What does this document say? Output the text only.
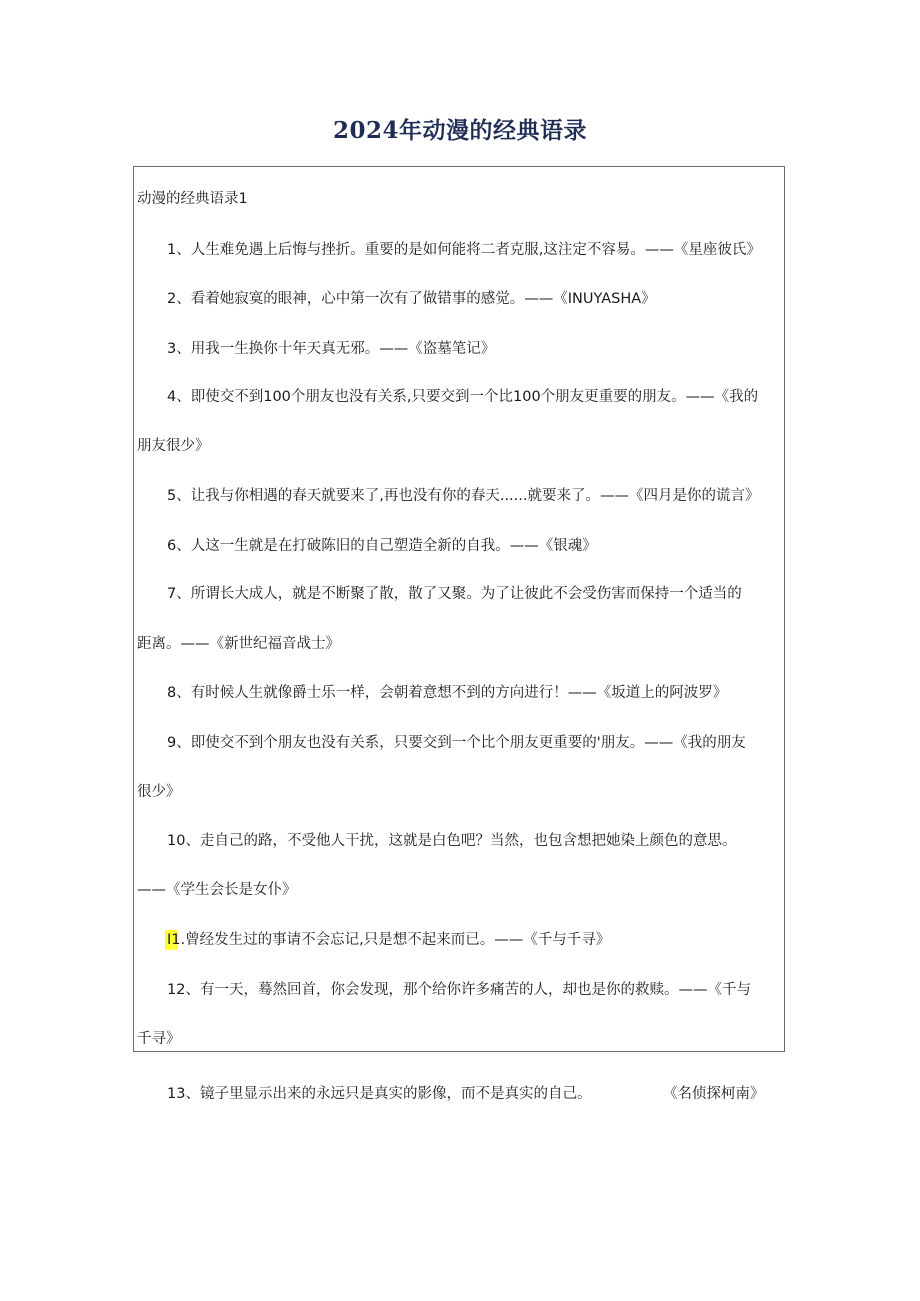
2024年动漫的经典语录
动漫的经典语录1
1、人生难免遇上后悔与挫折。重要的是如何能将二者克服,这注定不容易。——《星座彼氏》
2、看着她寂寞的眼神，心中第一次有了做错事的感觉。——《INUYASHA》
3、用我一生换你十年天真无邪。——《盗墓笔记》
4、即使交不到100个朋友也没有关系,只要交到一个比100个朋友更重要的朋友。——《我的
朋友很少》
5、让我与你相遇的春天就要来了,再也没有你的春天......就要来了。——《四月是你的谎言》
6、人这一生就是在打破陈旧的自己塑造全新的自我。——《银魂》
7、所谓长大成人，就是不断聚了散，散了又聚。为了让彼此不会受伤害而保持一个适当的
距离。——《新世纪福音战士》
8、有时候人生就像爵士乐一样，会朝着意想不到的方向进行！——《坂道上的阿波罗》
9、即使交不到个朋友也没有关系，只要交到一个比个朋友更重要的'朋友。——《我的朋友
很少》
10、走自己的路，不受他人干扰，这就是白色吧？当然，也包含想把她染上颜色的意思。
——《学生会长是女仆》
I1.曾经发生过的事请不会忘记,只是想不起来而已。——《千与千寻》
12、有一天，蓦然回首，你会发现，那个给你许多痛苦的人，却也是你的救赎。——《千与
千寻》
13、镜子里显示出来的永远只是真实的影像，而不是真实的自己。	《名侦探柯南》
